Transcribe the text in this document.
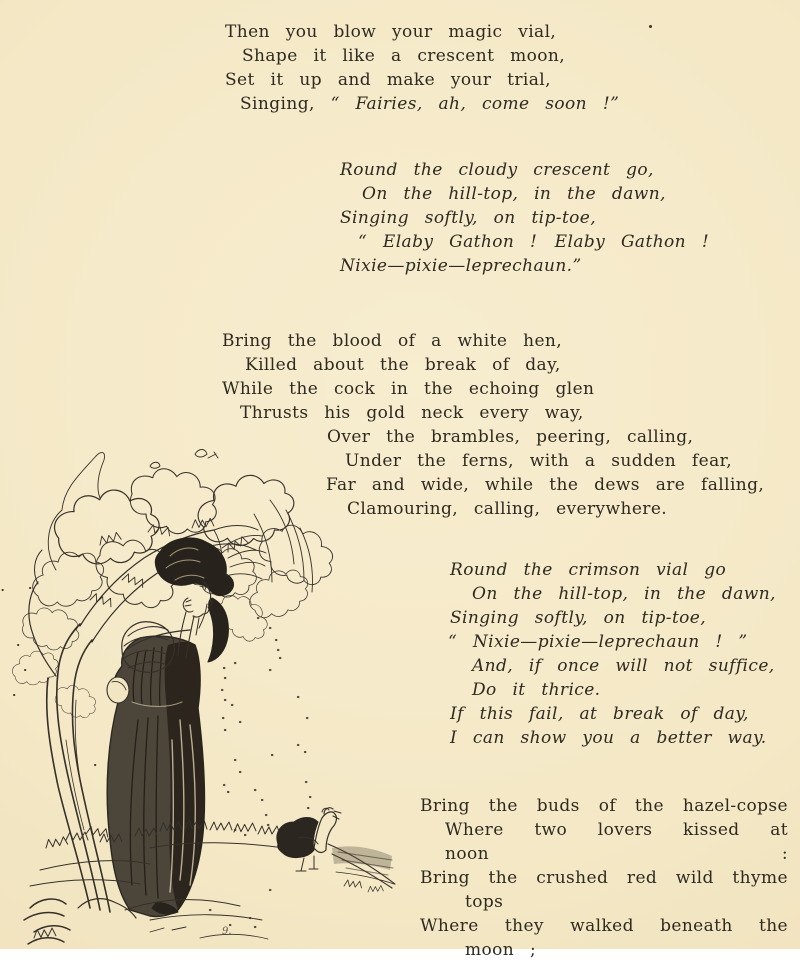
9.
Then you blow your magic vial,
Shape it like a crescent moon,
Set it up and make your trial,
Singing, “ Fairies, ah, come soon !”
Round the cloudy crescent go,
On the hill-top, in the dawn,
Singing softly, on tip-toe,
“ Elaby Gathon ! Elaby Gathon !
Nixie—pixie—leprechaun.”
Bring the blood of a white hen,
Killed about the break of day,
While the cock in the echoing glen
Thrusts his gold neck every way,
Over the brambles, peering, calling,
Under the ferns, with a sudden fear,
Far and wide, while the dews are falling,
Clamouring, calling, everywhere.
Round the crimson vial go
On the hill-top, in the dawn,
Singing softly, on tip-toe,
“ Nixie—pixie—leprechaun ! ”
And, if once will not suffice,
Do it thrice.
If this fail, at break of day,
I can show you a better way.
Bring the buds of the hazel-copse
Where two lovers kissed at noon :
Bring the crushed red wild thyme
tops
Where they walked beneath the
moon ;
